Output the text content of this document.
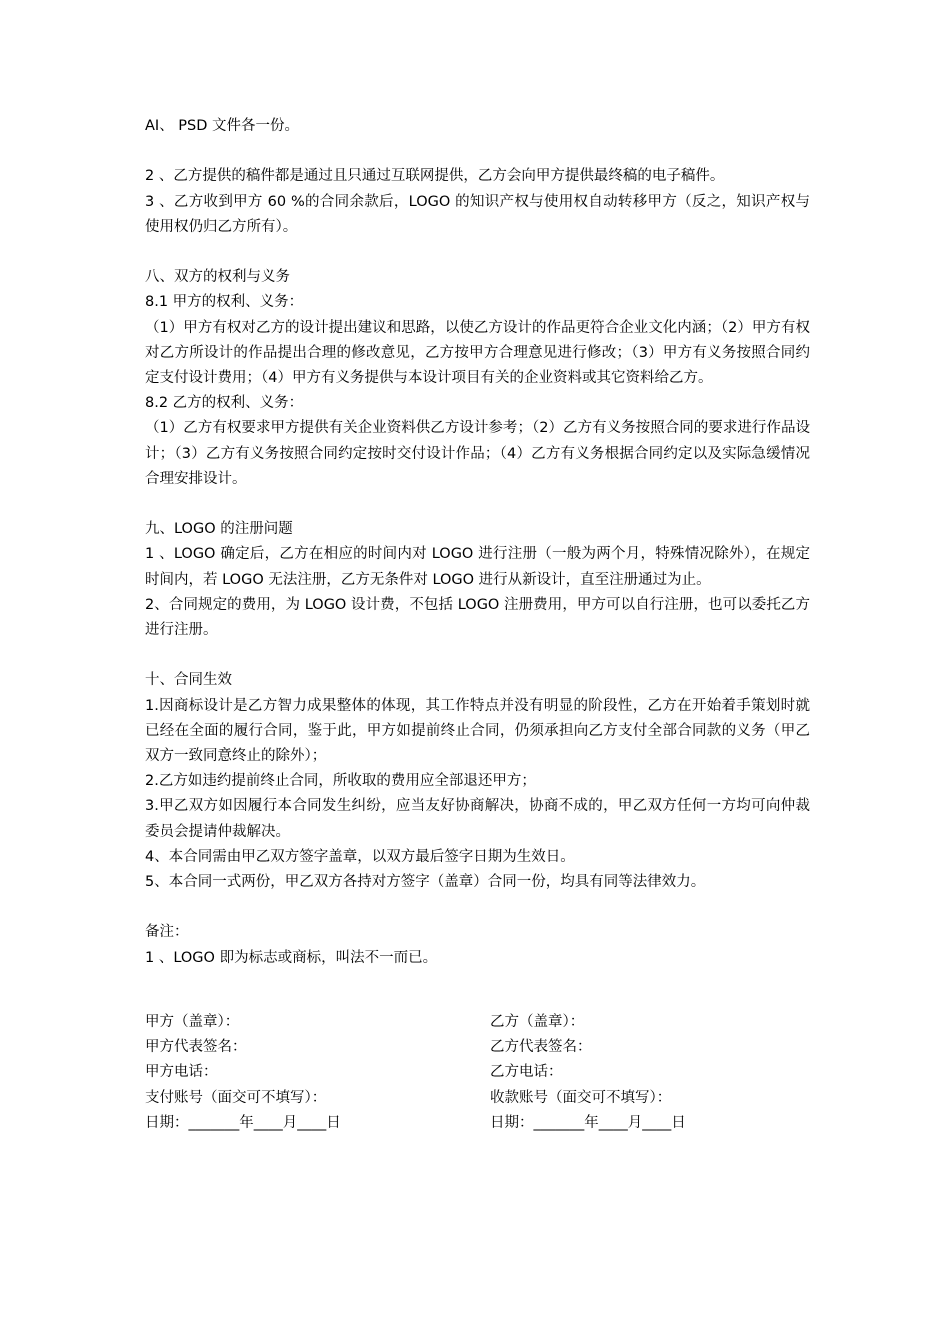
AI、 PSD 文件各一份。

2 、乙方提供的稿件都是通过且只通过互联网提供，乙方会向甲方提供最终稿的电子稿件。

3 、乙方收到甲方 60 %的合同余款后，LOGO 的知识产权与使用权自动转移甲方（反之，知识产权与使用权仍归乙方所有）。

八、双方的权利与义务

8.1 甲方的权利、义务：

（1）甲方有权对乙方的设计提出建议和思路，以使乙方设计的作品更符合企业文化内涵；（2）甲方有权对乙方所设计的作品提出合理的修改意见，乙方按甲方合理意见进行修改；（3）甲方有义务按照合同约定支付设计费用；（4）甲方有义务提供与本设计项目有关的企业资料或其它资料给乙方。

8.2 乙方的权利、义务：

（1）乙方有权要求甲方提供有关企业资料供乙方设计参考；（2）乙方有义务按照合同的要求进行作品设计；（3）乙方有义务按照合同约定按时交付设计作品；（4）乙方有义务根据合同约定以及实际急缓情况合理安排设计。

九、LOGO 的注册问题

1 、LOGO 确定后，乙方在相应的时间内对 LOGO 进行注册（一般为两个月，特殊情况除外），在规定时间内，若 LOGO 无法注册，乙方无条件对 LOGO 进行从新设计，直至注册通过为止。

2、合同规定的费用，为 LOGO 设计费，不包括 LOGO 注册费用，甲方可以自行注册，也可以委托乙方进行注册。

十、合同生效

1.因商标设计是乙方智力成果整体的体现，其工作特点并没有明显的阶段性，乙方在开始着手策划时就已经在全面的履行合同，鉴于此，甲方如提前终止合同，仍须承担向乙方支付全部合同款的义务（甲乙双方一致同意终止的除外）；

2.乙方如违约提前终止合同，所收取的费用应全部退还甲方；

3.甲乙双方如因履行本合同发生纠纷，应当友好协商解决，协商不成的，甲乙双方任何一方均可向仲裁委员会提请仲裁解决。

4、本合同需由甲乙双方签字盖章，以双方最后签字日期为生效日。

5、本合同一式两份，甲乙双方各持对方签字（盖章）合同一份，均具有同等法律效力。

备注：

1 、LOGO 即为标志或商标，叫法不一而已。

甲方（盖章）：	乙方（盖章）：
甲方代表签名：	乙方代表签名：
甲方电话：	乙方电话：
支付账号（面交可不填写）：	收款账号（面交可不填写）：
日期：_______年____月____日	日期：_______年____月____日
